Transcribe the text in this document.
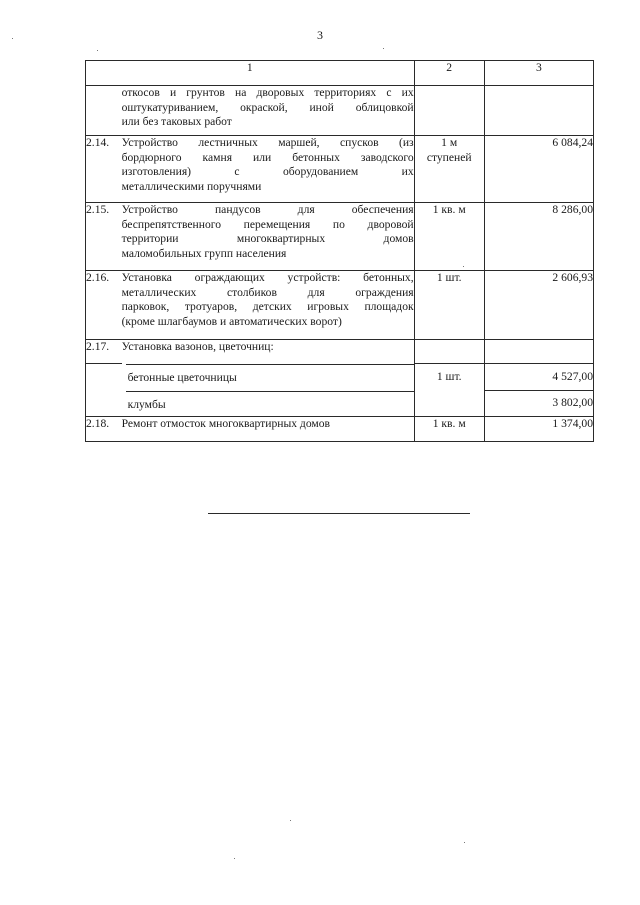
3
1		2	3

	откосов и грунтов на дворовых территориях с их
оштукатуриванием, окраской, иной облицовкой
или без таковых работ		

2.14.	Устройство лестничных маршей, спусков (из
бордюрного камня или бетонных заводского
изготовления) с оборудованием их
металлическими поручнями	1 м
ступеней	6 084,24
2.15.	Устройство пандусов для обеспечения
беспрепятственного перемещения по дворовой
территории многоквартирных домов
маломобильных групп населения	1 кв. м	8 286,00
2.16.	Установка ограждающих устройств: бетонных,
металлических столбиков для ограждения
парковок, тротуаров, детских игровых площадок
(кроме шлагбаумов и автоматических ворот)	1 шт.	2 606,93
2.17.	Установка вазонов, цветочниц:		

	бетонные цветочницы	1 шт.	4 527,00

	клумбы		3 802,00
2.18.	Ремонт отмосток многоквартирных домов	1 кв. м	1 374,00
